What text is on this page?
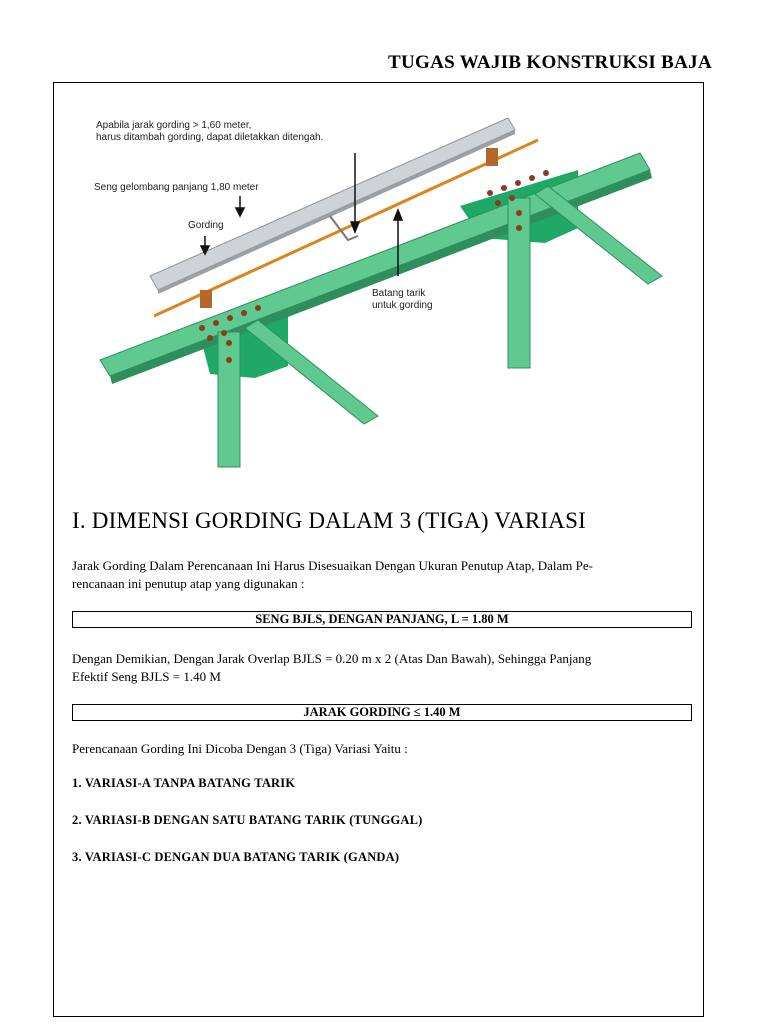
TUGAS WAJIB KONSTRUKSI BAJA
Apabila jarak gording > 1,60 meter,
harus ditambah gording, dapat diletakkan ditengah.
Seng gelombang panjang 1,80 meter
Gording
Batang tarik
untuk gording
I. DIMENSI GORDING DALAM 3 (TIGA) VARIASI

Jarak Gording Dalam Perencanaan Ini Harus Disesuaikan Dengan Ukuran Penutup Atap, Dalam Pe-

rencanaan ini penutup atap yang digunakan :

SENG BJLS, DENGAN PANJANG, L = 1.80 M

Dengan Demikian, Dengan Jarak Overlap BJLS = 0.20 m x 2 (Atas Dan Bawah), Sehingga Panjang

Efektif Seng BJLS = 1.40 M

JARAK GORDING ≤ 1.40 M

Perencanaan Gording Ini Dicoba Dengan 3 (Tiga) Variasi Yaitu :

1. VARIASI-A TANPA BATANG TARIK

2. VARIASI-B DENGAN SATU BATANG TARIK (TUNGGAL)

3. VARIASI-C DENGAN DUA BATANG TARIK (GANDA)
